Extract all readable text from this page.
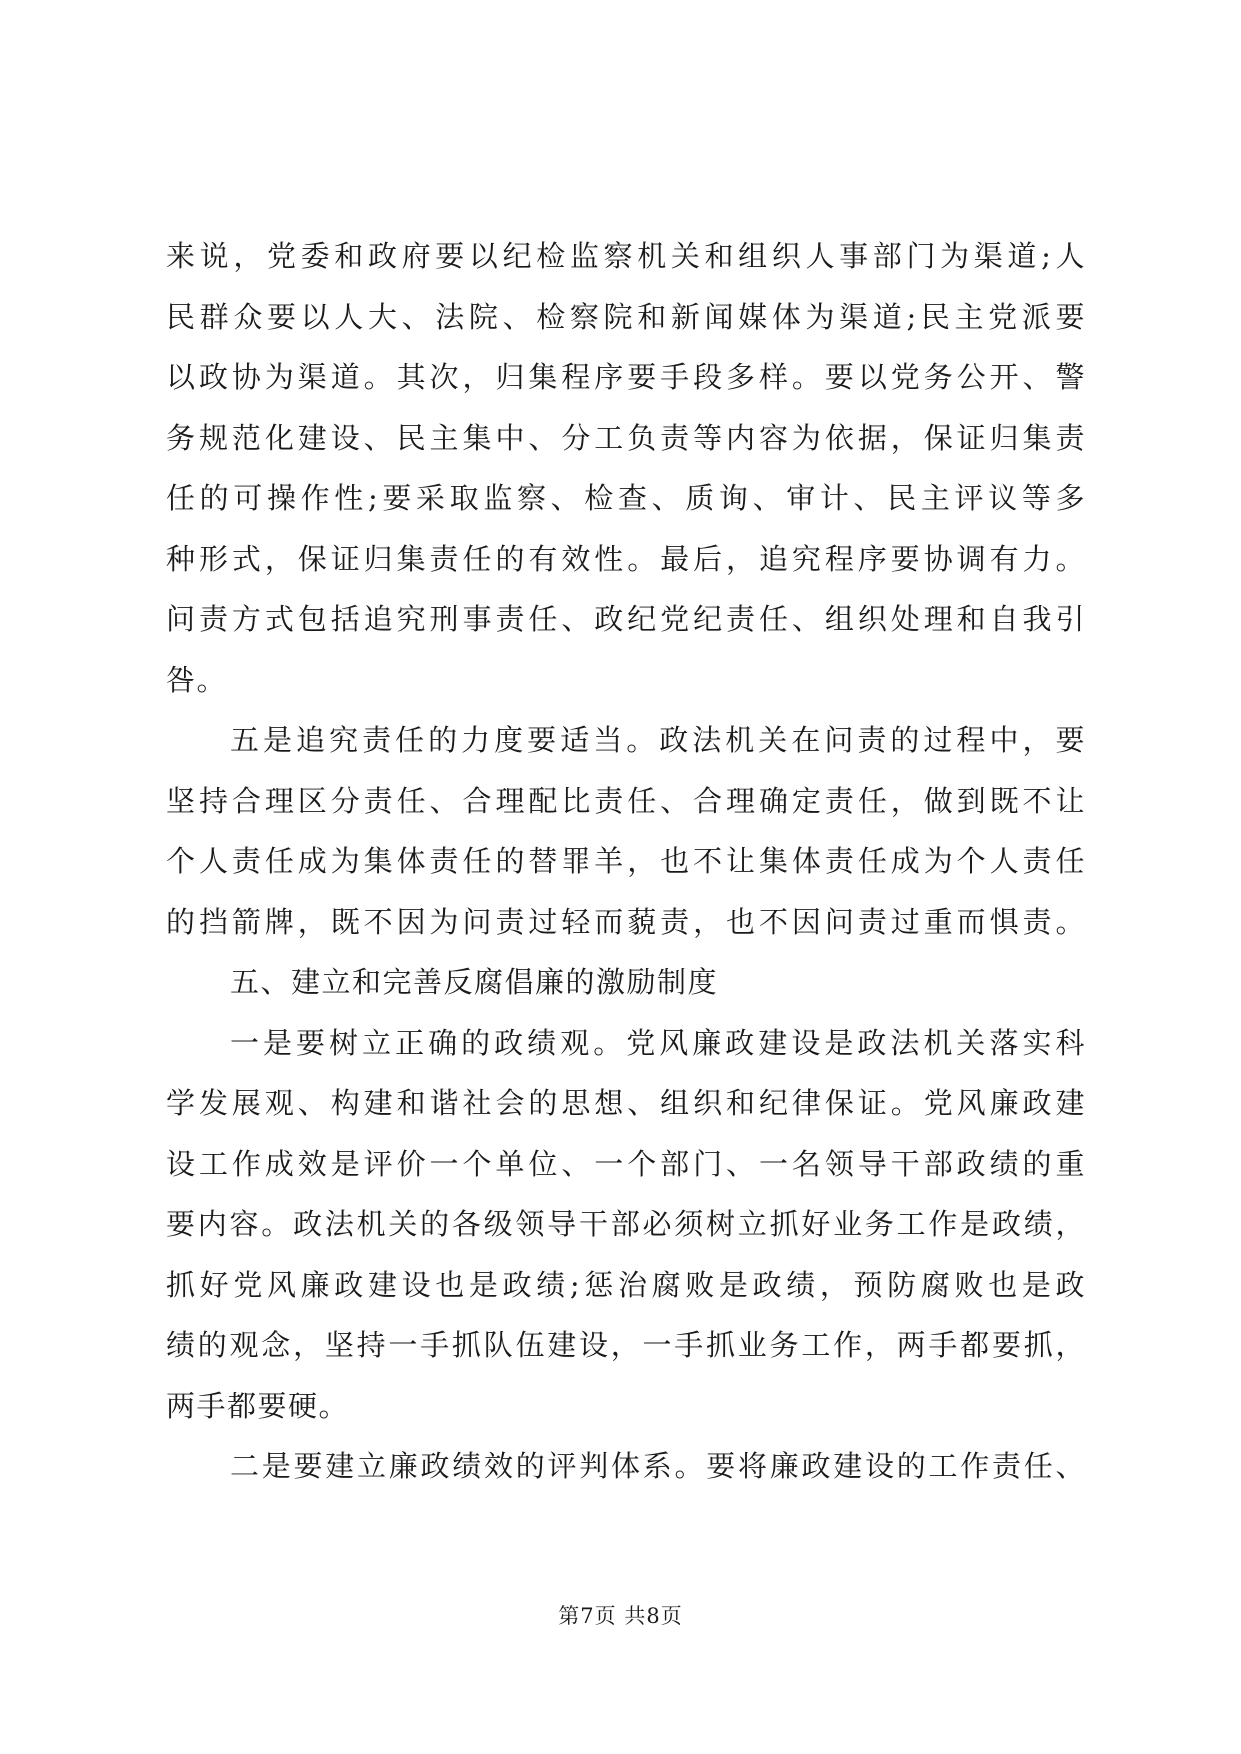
来说，党委和政府要以纪检监察机关和组织人事部门为渠道;人
民群众要以人大、法院、检察院和新闻媒体为渠道;民主党派要
以政协为渠道。其次，归集程序要手段多样。要以党务公开、警
务规范化建设、民主集中、分工负责等内容为依据，保证归集责
任的可操作性;要采取监察、检查、质询、审计、民主评议等多
种形式，保证归集责任的有效性。最后，追究程序要协调有力。
问责方式包括追究刑事责任、政纪党纪责任、组织处理和自我引
咎。
五是追究责任的力度要适当。政法机关在问责的过程中，要
坚持合理区分责任、合理配比责任、合理确定责任，做到既不让
个人责任成为集体责任的替罪羊，也不让集体责任成为个人责任
的挡箭牌，既不因为问责过轻而藐责，也不因问责过重而惧责。
五、建立和完善反腐倡廉的激励制度
一是要树立正确的政绩观。党风廉政建设是政法机关落实科
学发展观、构建和谐社会的思想、组织和纪律保证。党风廉政建
设工作成效是评价一个单位、一个部门、一名领导干部政绩的重
要内容。政法机关的各级领导干部必须树立抓好业务工作是政绩，
抓好党风廉政建设也是政绩;惩治腐败是政绩，预防腐败也是政
绩的观念，坚持一手抓队伍建设，一手抓业务工作，两手都要抓，
两手都要硬。
二是要建立廉政绩效的评判体系。要将廉政建设的工作责任、
第7页 共8页
